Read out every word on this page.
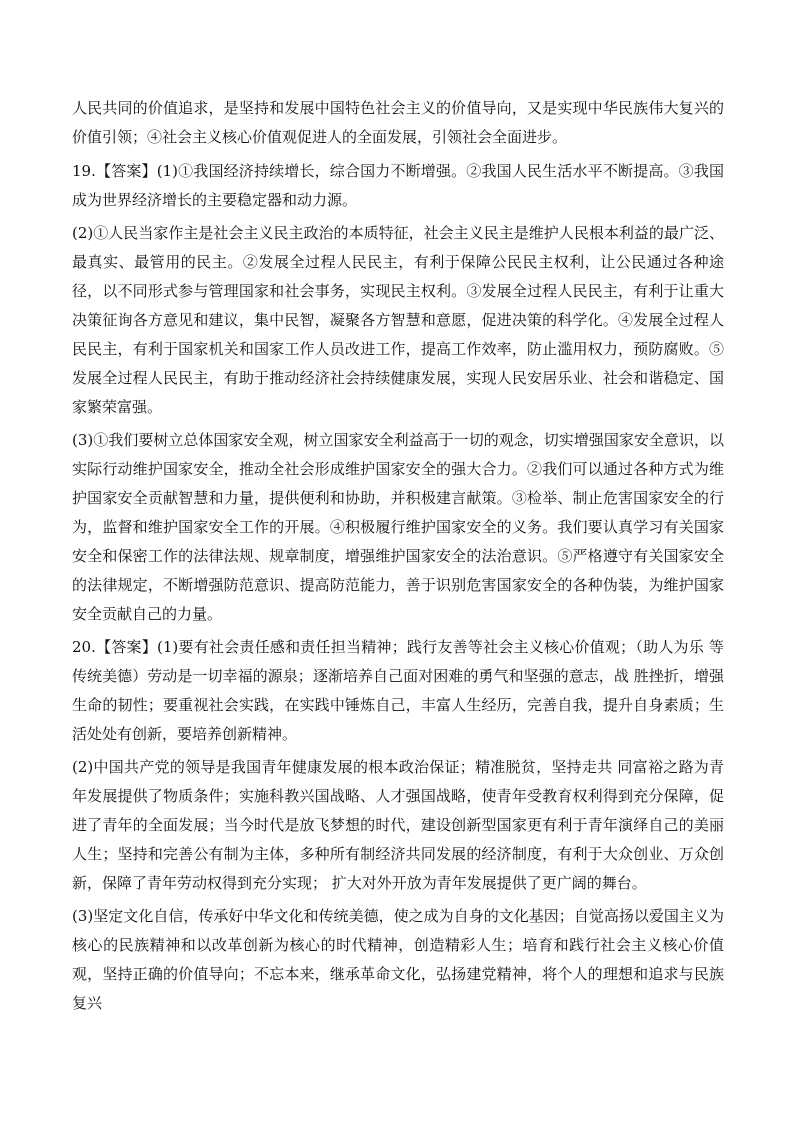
人民共同的价值追求，是坚持和发展中国特色社会主义的价值导向，又是实现中华民族伟大复兴的价值引领；④社会主义核心价值观促进人的全面发展，引领社会全面进步。

19.【答案】(1)①我国经济持续增长，综合国力不断增强。②我国人民生活水平不断提高。③我国成为世界经济增长的主要稳定器和动力源。

(2)①人民当家作主是社会主义民主政治的本质特征，社会主义民主是维护人民根本利益的最广泛、最真实、最管用的民主。②发展全过程人民民主，有利于保障公民民主权利，让公民通过各种途径，以不同形式参与管理国家和社会事务，实现民主权利。③发展全过程人民民主，有利于让重大决策征询各方意见和建议，集中民智，凝聚各方智慧和意愿，促进决策的科学化。④发展全过程人民民主，有利于国家机关和国家工作人员改进工作，提高工作效率，防止滥用权力，预防腐败。⑤发展全过程人民民主，有助于推动经济社会持续健康发展，实现人民安居乐业、社会和谐稳定、国家繁荣富强。

(3)①我们要树立总体国家安全观，树立国家安全利益高于一切的观念，切实增强国家安全意识，以实际行动维护国家安全，推动全社会形成维护国家安全的强大合力。②我们可以通过各种方式为维护国家安全贡献智慧和力量，提供便利和协助，并积极建言献策。③检举、制止危害国家安全的行为，监督和维护国家安全工作的开展。④积极履行维护国家安全的义务。我们要认真学习有关国家安全和保密工作的法律法规、规章制度，增强维护国家安全的法治意识。⑤严格遵守有关国家安全的法律规定，不断增强防范意识、提高防范能力，善于识别危害国家安全的各种伪装，为维护国家安全贡献自己的力量。

20.【答案】(1)要有社会责任感和责任担当精神；践行友善等社会主义核心价值观；（助人为乐 等传统美德）劳动是一切幸福的源泉；逐渐培养自己面对困难的勇气和坚强的意志，战 胜挫折，增强生命的韧性；要重视社会实践，在实践中锤炼自己，丰富人生经历，完善自我，提升自身素质；生活处处有创新，要培养创新精神。

(2)中国共产党的领导是我国青年健康发展的根本政治保证；精准脱贫，坚持走共 同富裕之路为青年发展提供了物质条件；实施科教兴国战略、人才强国战略，使青年受教育权利得到充分保障，促进了青年的全面发展；当今时代是放飞梦想的时代，建设创新型国家更有利于青年演绎自己的美丽人生；坚持和完善公有制为主体，多种所有制经济共同发展的经济制度，有利于大众创业、万众创新，保障了青年劳动权得到充分实现； 扩大对外开放为青年发展提供了更广阔的舞台。

(3)坚定文化自信，传承好中华文化和传统美德，使之成为自身的文化基因；自觉高扬以爱国主义为核心的民族精神和以改革创新为核心的时代精神，创造精彩人生；培育和践行社会主义核心价值观，坚持正确的价值导向；不忘本来，继承革命文化，弘扬建党精神，将个人的理想和追求与民族复兴
